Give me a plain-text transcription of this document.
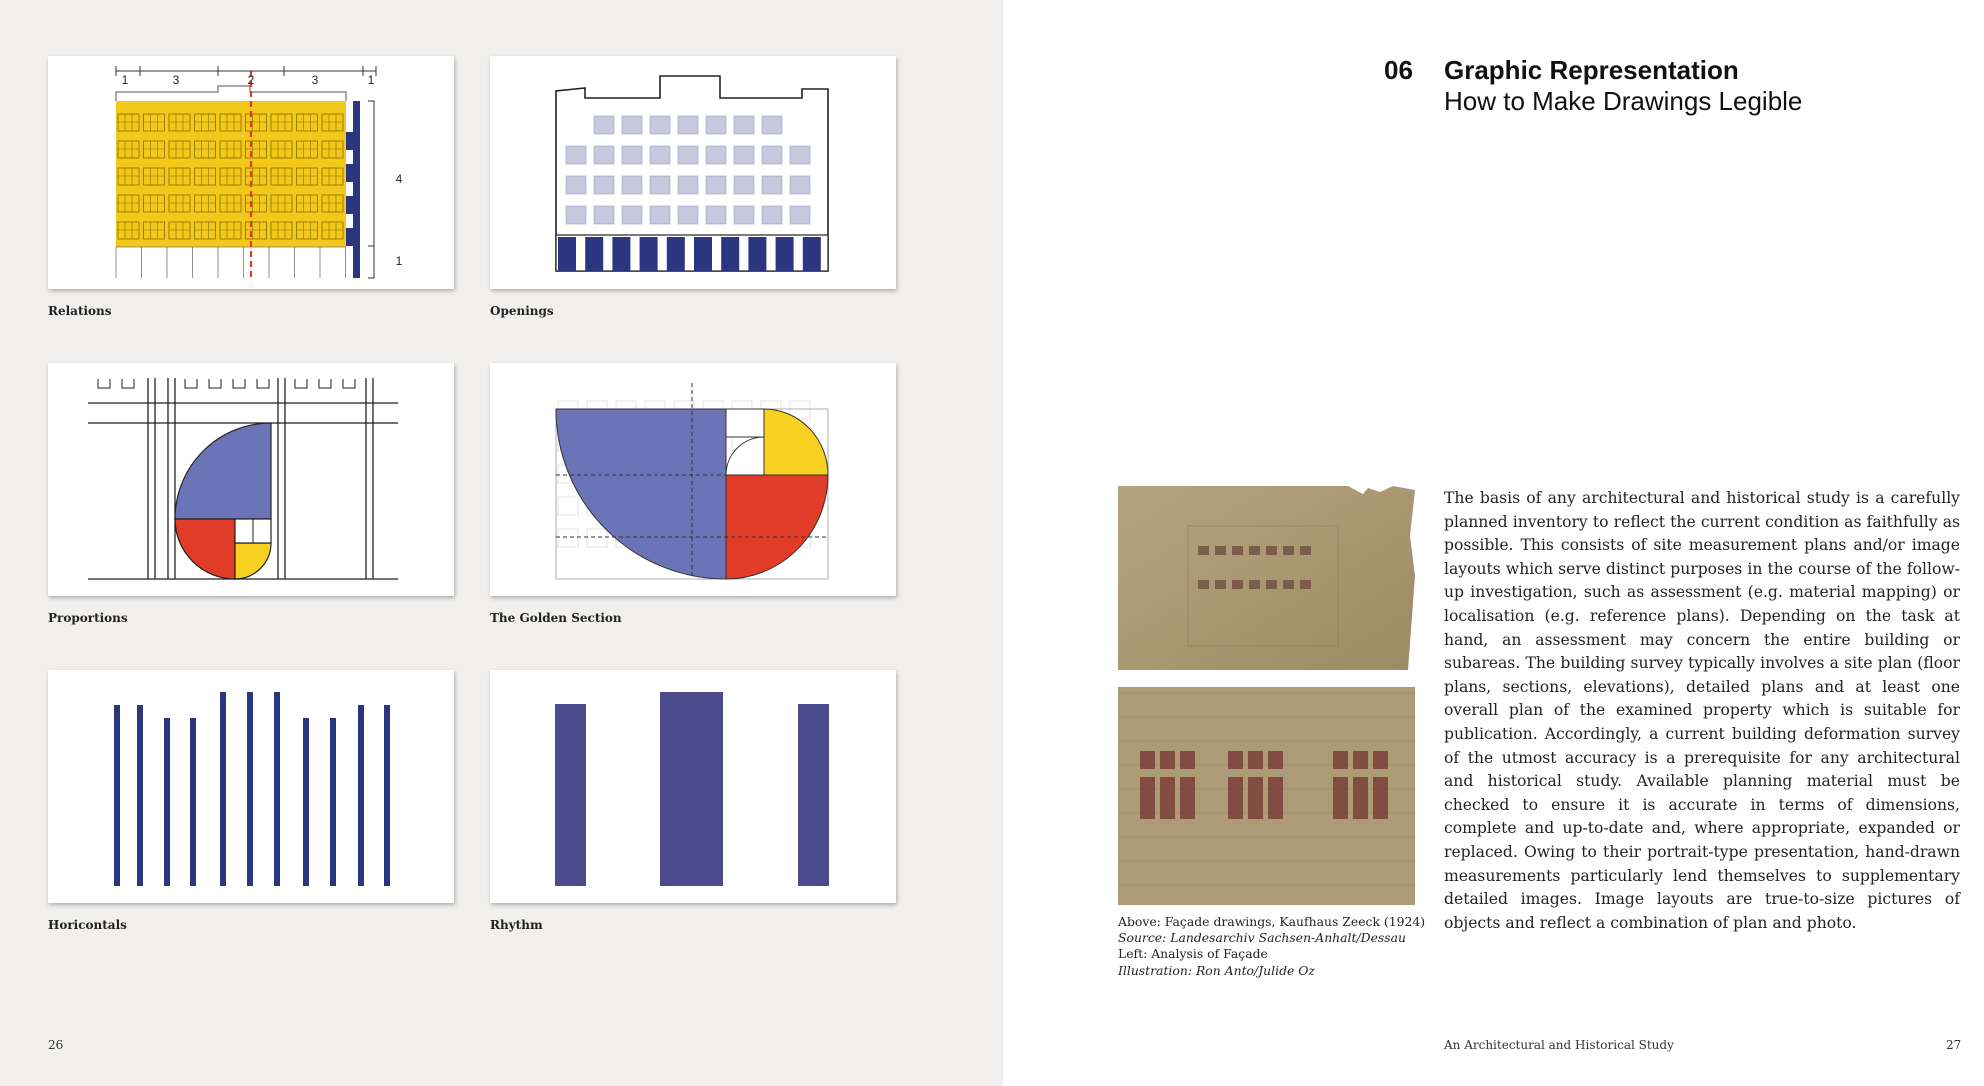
1	3	2	3	1
4
1
Relations	Openings
Proportions	The Golden Section
Horicontals	Rhythm
26
06 Graphic Representation
How to Make Drawings Legible
Above: Façade drawings, Kaufhaus Zeeck (1924)
Source: Landesarchiv Sachsen-Anhalt/Dessau
Left: Analysis of Façade
Illustration: Ron Anto/Julide Oz
The basis of any architectural and historical study is a carefully planned inventory to reflect the current condition as faithfully as possible. This consists of site measurement plans and/or image layouts which serve distinct purposes in the course of the follow-up investigation, such as assessment (e.g. material mapping) or localisation (e.g. reference plans). Depending on the task at hand, an assessment may concern the entire building or subareas. The building survey typically involves a site plan (floor plans, sections, elevations), detailed plans and at least one overall plan of the examined property which is suitable for publication. Accordingly, a current building deformation survey of the utmost accuracy is a prerequisite for any architectural and historical study. Available planning material must be checked to ensure it is accurate in terms of dimensions, complete and up-to-date and, where appropriate, expanded or replaced. Owing to their portrait-type presentation, hand-drawn measurements particularly lend themselves to supplementary detailed images. Image layouts are true-to-size pictures of objects and reflect a combination of plan and photo.
An Architectural and Historical Study	27
